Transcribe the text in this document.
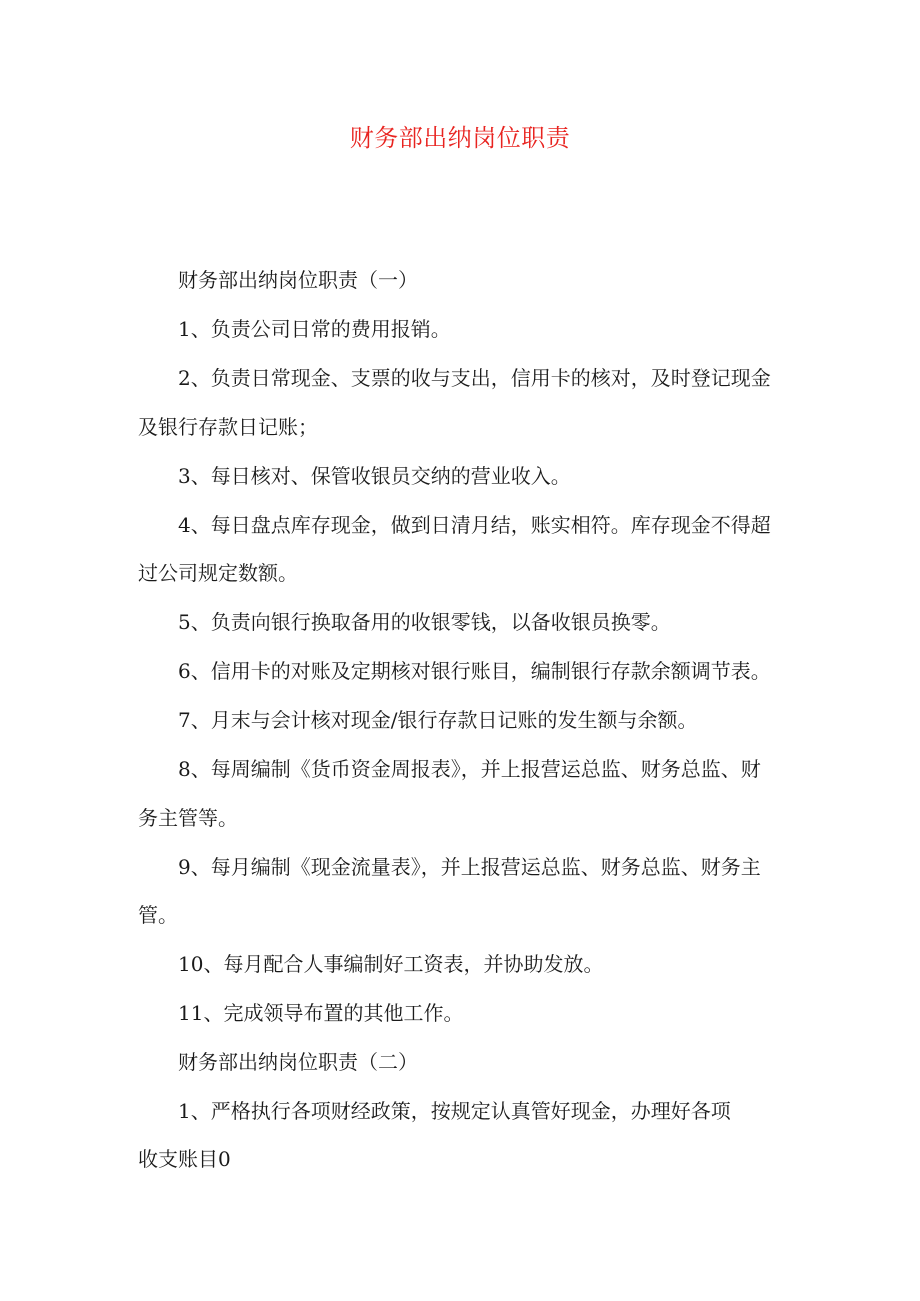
财务部出纳岗位职责
财务部出纳岗位职责（一）
1、负责公司日常的费用报销。
2、负责日常现金、支票的收与支出，信用卡的核对，及时登记现金
及银行存款日记账；
3、每日核对、保管收银员交纳的营业收入。
4、每日盘点库存现金，做到日清月结，账实相符。库存现金不得超
过公司规定数额。
5、负责向银行换取备用的收银零钱，以备收银员换零。
6、信用卡的对账及定期核对银行账目，编制银行存款余额调节表。
7、月末与会计核对现金/银行存款日记账的发生额与余额。
8、每周编制《货币资金周报表》，并上报营运总监、财务总监、财
务主管等。
9、每月编制《现金流量表》，并上报营运总监、财务总监、财务主
管。
10、每月配合人事编制好工资表，并协助发放。
11、完成领导布置的其他工作。
财务部出纳岗位职责（二）
1、严格执行各项财经政策，按规定认真管好现金，办理好各项
收支账目0
